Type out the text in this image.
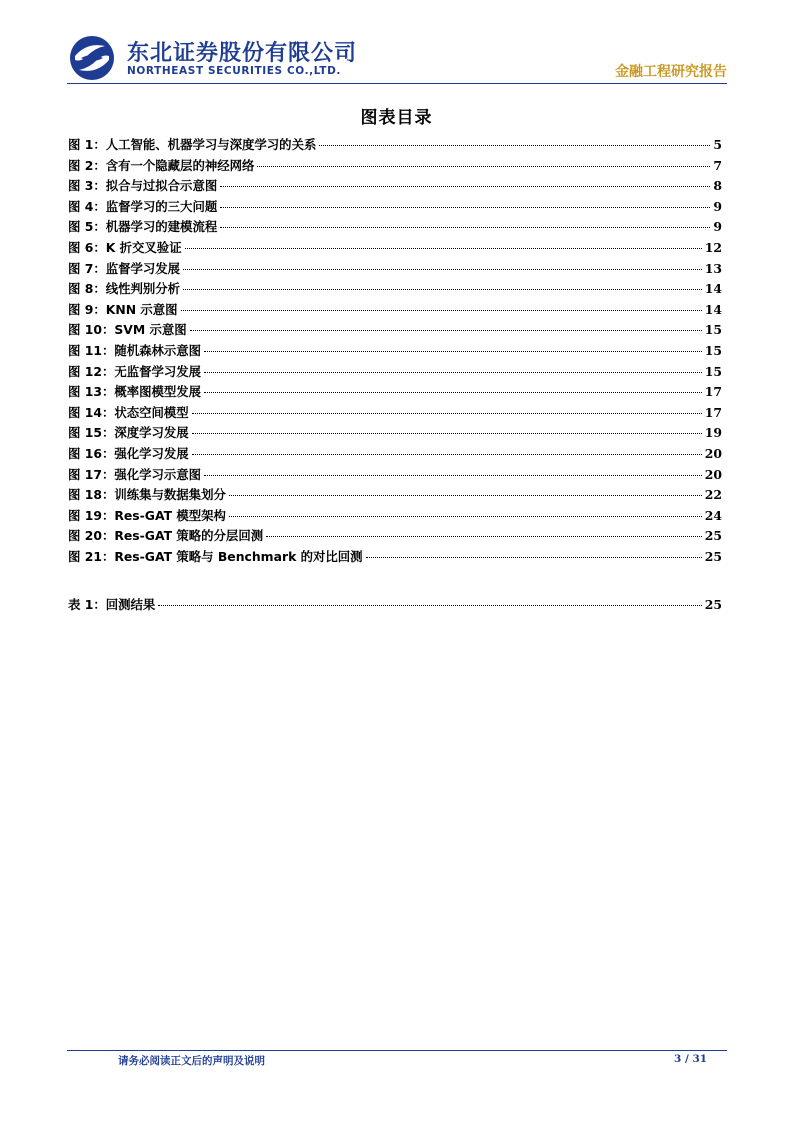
东北证券股份有限公司
NORTHEAST SECURITIES CO.,LTD.	金融工程研究报告
图表目录
图 1：人工智能、机器学习与深度学习的关系	5
图 2：含有一个隐藏层的神经网络	7
图 3：拟合与过拟合示意图	8
图 4：监督学习的三大问题	9
图 5：机器学习的建模流程	9
图 6：K 折交叉验证	12
图 7：监督学习发展	13
图 8：线性判别分析	14
图 9：KNN 示意图	14
图 10：SVM 示意图	15
图 11：随机森林示意图	15
图 12：无监督学习发展	15
图 13：概率图模型发展	17
图 14：状态空间模型	17
图 15：深度学习发展	19
图 16：强化学习发展	20
图 17：强化学习示意图	20
图 18：训练集与数据集划分	22
图 19：Res-GAT 模型架构	24
图 20：Res-GAT 策略的分层回测	25
图 21：Res-GAT 策略与 Benchmark 的对比回测	25
表 1：回测结果	25
请务必阅读正文后的声明及说明	3 / 31
